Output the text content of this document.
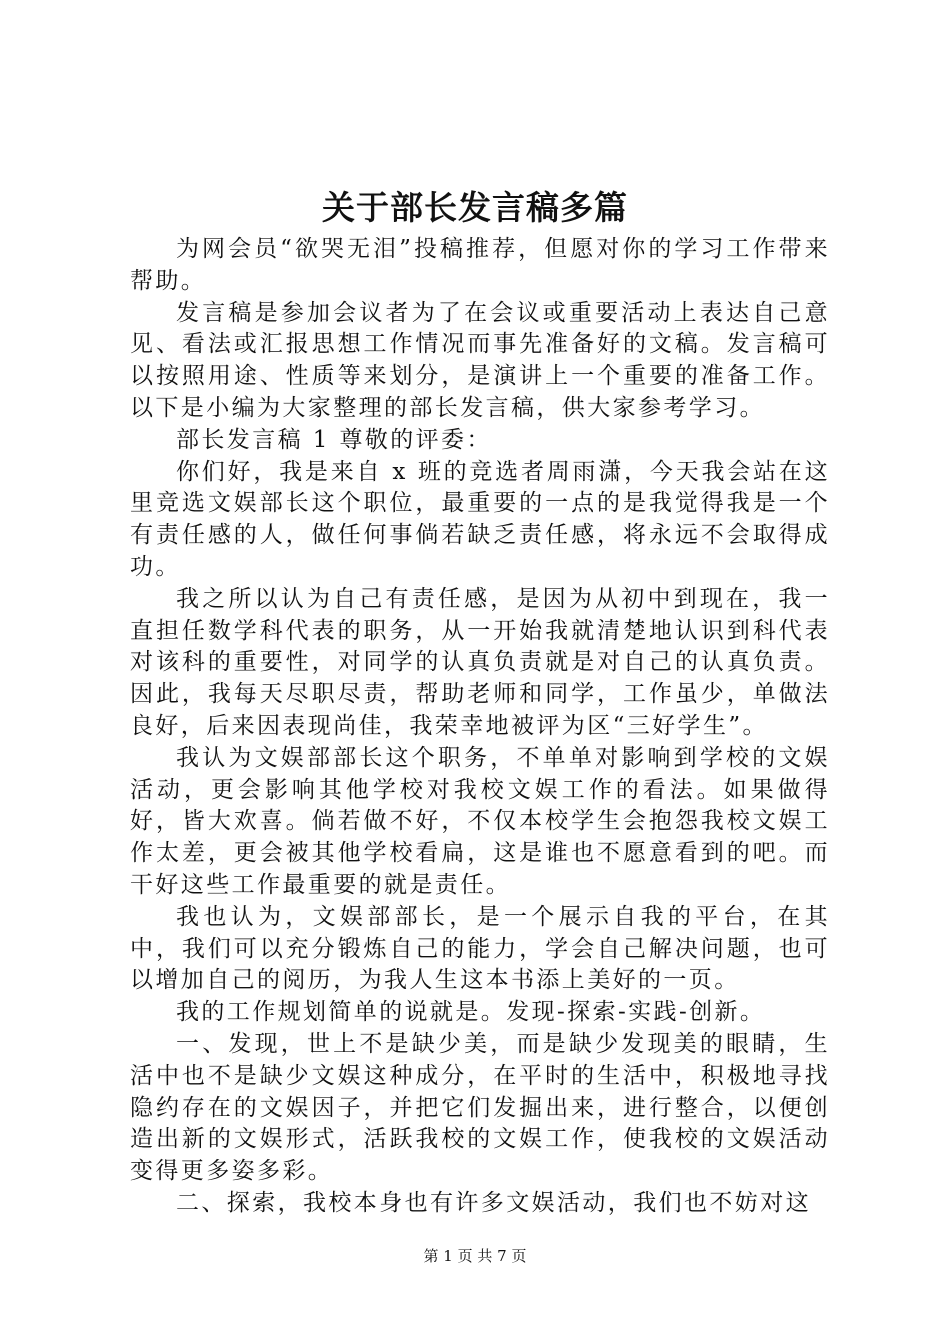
关于部长发言稿多篇

为网会员“欲哭无泪”投稿推荐，但愿对你的学习工作带来帮助。

发言稿是参加会议者为了在会议或重要活动上表达自己意见、看法或汇报思想工作情况而事先准备好的文稿。发言稿可以按照用途、性质等来划分，是演讲上一个重要的准备工作。以下是小编为大家整理的部长发言稿，供大家参考学习。

部长发言稿 1 尊敬的评委：

你们好，我是来自 x 班的竞选者周雨潇，今天我会站在这里竞选文娱部长这个职位，最重要的一点的是我觉得我是一个有责任感的人，做任何事倘若缺乏责任感，将永远不会取得成功。

我之所以认为自己有责任感，是因为从初中到现在，我一直担任数学科代表的职务，从一开始我就清楚地认识到科代表对该科的重要性，对同学的认真负责就是对自己的认真负责。因此，我每天尽职尽责，帮助老师和同学，工作虽少，单做法良好，后来因表现尚佳，我荣幸地被评为区“三好学生”。

我认为文娱部部长这个职务，不单单对影响到学校的文娱活动，更会影响其他学校对我校文娱工作的看法。如果做得好，皆大欢喜。倘若做不好，不仅本校学生会抱怨我校文娱工作太差，更会被其他学校看扁，这是谁也不愿意看到的吧。而干好这些工作最重要的就是责任。

我也认为，文娱部部长，是一个展示自我的平台，在其中，我们可以充分锻炼自己的能力，学会自己解决问题，也可以增加自己的阅历，为我人生这本书添上美好的一页。

我的工作规划简单的说就是。发现-探索-实践-创新。

一、发现，世上不是缺少美，而是缺少发现美的眼睛，生活中也不是缺少文娱这种成分，在平时的生活中，积极地寻找隐约存在的文娱因子，并把它们发掘出来，进行整合，以便创造出新的文娱形式，活跃我校的文娱工作，使我校的文娱活动变得更多姿多彩。

二、探索，我校本身也有许多文娱活动，我们也不妨对这

第 1 页 共 7 页
